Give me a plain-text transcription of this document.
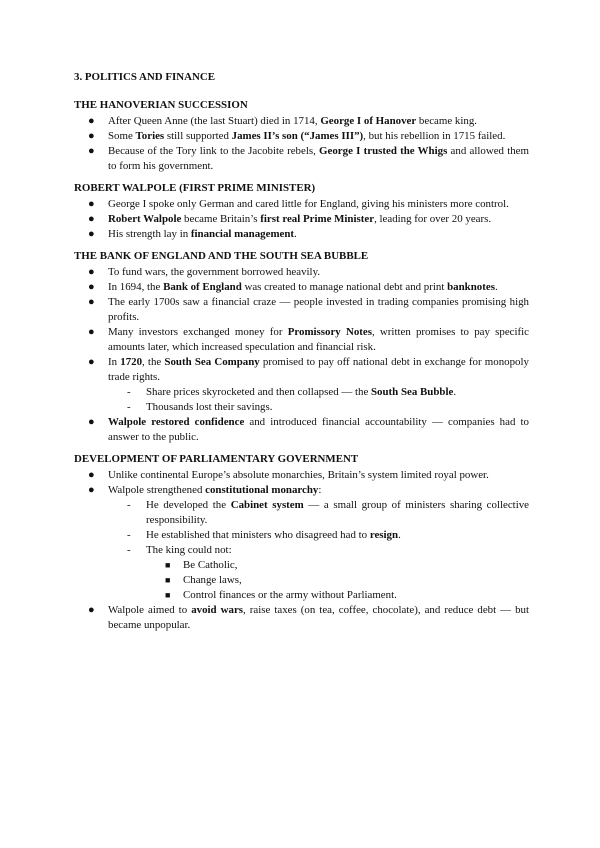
3. POLITICS AND FINANCE
THE HANOVERIAN SUCCESSION
● After Queen Anne (the last Stuart) died in 1714, George I of Hanover became king.
● Some Tories still supported James II’s son (“James III”), but his rebellion in 1715 failed.
● Because of the Tory link to the Jacobite rebels, George I trusted the Whigs and allowed them to form his government.
ROBERT WALPOLE (FIRST PRIME MINISTER)
● George I spoke only German and cared little for England, giving his ministers more control.
● Robert Walpole became Britain’s first real Prime Minister, leading for over 20 years.
● His strength lay in financial management.
THE BANK OF ENGLAND AND THE SOUTH SEA BUBBLE
● To fund wars, the government borrowed heavily.
● In 1694, the Bank of England was created to manage national debt and print banknotes.
● The early 1700s saw a financial craze — people invested in trading companies promising high profits.
● Many investors exchanged money for Promissory Notes, written promises to pay specific amounts later, which increased speculation and financial risk.
● In 1720, the South Sea Company promised to pay off national debt in exchange for monopoly trade rights.
- Share prices skyrocketed and then collapsed — the South Sea Bubble.
- Thousands lost their savings.
● Walpole restored confidence and introduced financial accountability — companies had to answer to the public.
DEVELOPMENT OF PARLIAMENTARY GOVERNMENT
● Unlike continental Europe’s absolute monarchies, Britain’s system limited royal power.
● Walpole strengthened constitutional monarchy:
- He developed the Cabinet system — a small group of ministers sharing collective responsibility.
- He established that ministers who disagreed had to resign.
- The king could not:
■ Be Catholic,
■ Change laws,
■ Control finances or the army without Parliament.
● Walpole aimed to avoid wars, raise taxes (on tea, coffee, chocolate), and reduce debt — but became unpopular.
